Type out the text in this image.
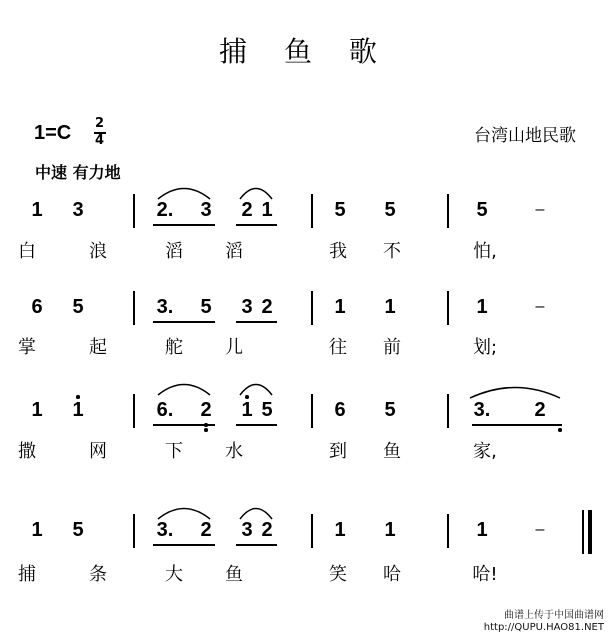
捕 鱼 歌
1=C 2
4
中速 有力地
台湾山地民歌
1 3	2. 3 2 1	5 5	5	–
白	浪	滔 滔	我 不	怕,
6 5	3. 5 3 2	1 1	1	–
掌	起	舵 儿	往 前	划;
1 1	6. 2 1 5	6 5	3. 2
撒	网	下 水	到 鱼	家,
1 5	3. 2 3 2	1 1	1	–
捕	条	大 鱼	笑 哈	哈!
曲谱上传于中国曲谱网
http://QUPU.HAO81.NET
